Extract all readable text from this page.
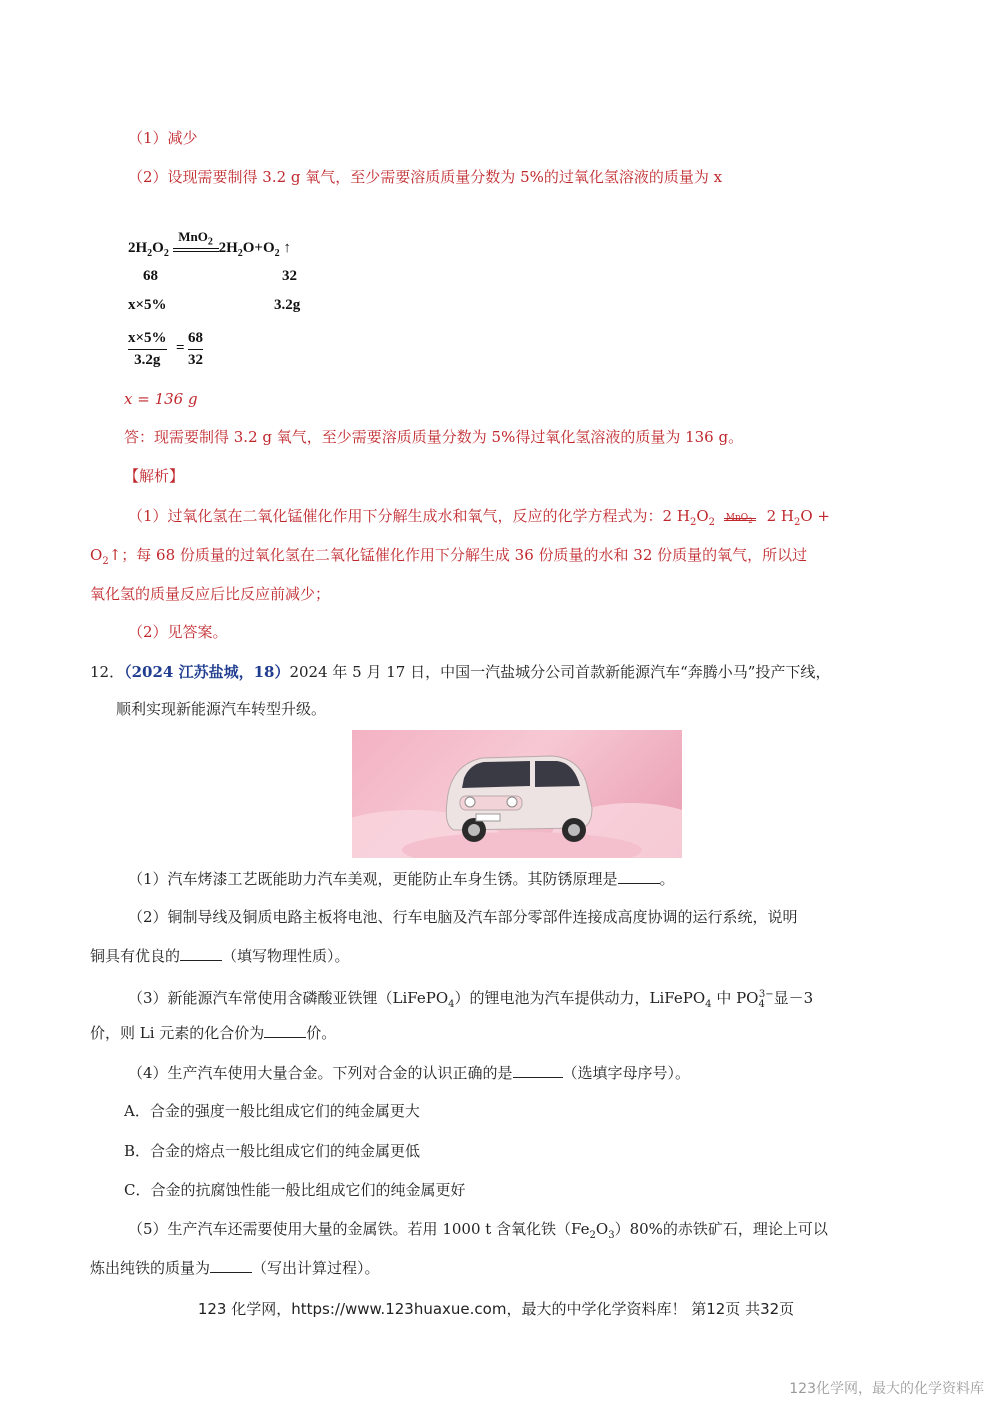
（1）减少
（2）设现需要制得 3.2 g 氧气，至少需要溶质质量分数为 5%的过氧化氢溶液的质量为 x
$2H_2O_2$
MnO$_2$ $2H_2O+O_2$ ↑
68	32
x×5%	3.2g
x×5%
3.2g
=
68
32
x = 136 g
答：现需要制得 3.2 g 氧气，至少需要溶质质量分数为 5%得过氧化氢溶液的质量为 136 g。
【解析】
（1）过氧化氢在二氧化锰催化作用下分解生成水和氧气，反应的化学方程式为：2 $H_2O_2$ MnO$_2$ 2 $H_2O$ +
$O_2↑$；每 68 份质量的过氧化氢在二氧化锰催化作用下分解生成 36 份质量的水和 32 份质量的氧气，所以过
氧化氢的质量反应后比反应前减少；
（2）见答案。
12．（2024 江苏盐城，18）2024 年 5 月 17 日，中国一汽盐城分公司首款新能源汽车“奔腾小马”投产下线，
顺利实现新能源汽车转型升级。
（1）汽车烤漆工艺既能助力汽车美观，更能防止车身生锈。其防锈原理是	。
（2）铜制导线及铜质电路主板将电池、行车电脑及汽车部分零部件连接成高度协调的运行系统，说明
铜具有优良的	（填写物理性质）。
（3）新能源汽车常使用含磷酸亚铁锂（LiFePO$_4$）的锂电池为汽车提供动力，LiFePO$_4$ 中 $PO_4^{3-}$显－3
价，则 Li 元素的化合价为	价。
（4）生产汽车使用大量合金。下列对合金的认识正确的是	（选填字母序号）。
A．合金的强度一般比组成它们的纯金属更大
B．合金的熔点一般比组成它们的纯金属更低
C．合金的抗腐蚀性能一般比组成它们的纯金属更好
（5）生产汽车还需要使用大量的金属铁。若用 1000 t 含氧化铁$(Fe_2O_3)80\%$的赤铁矿石，理论上可以
炼出纯铁的质量为	（写出计算过程）。
123 化学网，https://www.123huaxue.com，最大的中学化学资料库！ 第12页 共32页
123化学网，最大的化学资料库
